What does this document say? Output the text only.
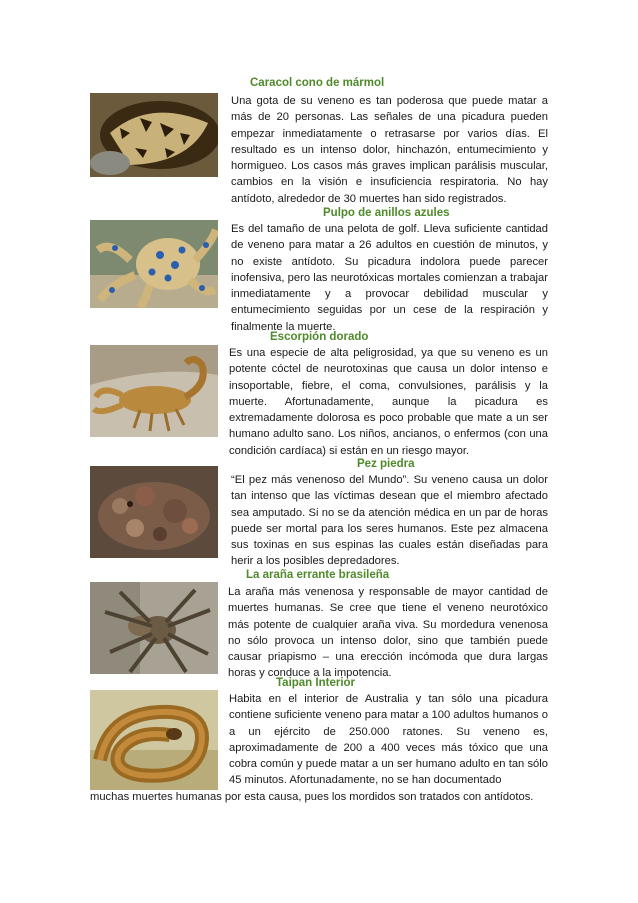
Caracol cono de mármol
Una gota de su veneno es tan poderosa que puede matar a más de 20 personas. Las señales de una picadura pueden empezar inmediatamente o retrasarse por varios días. El resultado es un intenso dolor, hinchazón, entumecimiento y hormigueo. Los casos más graves implican parálisis muscular, cambios en la visión e insuficiencia respiratoria. No hay antídoto, alrededor de 30 muertes han sido registrados.
Pulpo de anillos azules
Es del tamaño de una pelota de golf. Lleva suficiente cantidad de veneno para matar a 26 adultos en cuestión de minutos, y no existe antídoto. Su picadura indolora puede parecer inofensiva, pero las neurotóxicas mortales comienzan a trabajar inmediatamente y a provocar debilidad muscular y entumecimiento seguidas por un cese de la respiración y finalmente la muerte.
Escorpión dorado
Es una especie de alta peligrosidad, ya que su veneno es un potente cóctel de neurotoxinas que causa un dolor intenso e insoportable, fiebre, el coma, convulsiones, parálisis y la muerte. Afortunadamente, aunque la picadura es extremadamente dolorosa es poco probable que mate a un ser humano adulto sano. Los niños, ancianos, o enfermos (con una condición cardíaca) si están en un riesgo mayor.
Pez piedra
“El pez más venenoso del Mundo”. Su veneno causa un dolor tan intenso que las víctimas desean que el miembro afectado sea amputado. Si no se da atención médica en un par de horas puede ser mortal para los seres humanos. Este pez almacena sus toxinas en sus espinas las cuales están diseñadas para herir a los posibles depredadores.
La araña errante brasileña
La araña más venenosa y responsable de mayor cantidad de muertes humanas. Se cree que tiene el veneno neurotóxico más potente de cualquier araña viva. Su mordedura venenosa no sólo provoca un intenso dolor, sino que también puede causar priapismo – una erección incómoda que dura largas horas y conduce a la impotencia.
Taipan Interior
Habita en el interior de Australia y tan sólo una picadura contiene suficiente veneno para matar a 100 adultos humanos o a un ejército de 250.000 ratones. Su veneno es, aproximadamente de 200 a 400 veces más tóxico que una cobra común y puede matar a un ser humano adulto en tan sólo 45 minutos. Afortunadamente, no se han documentado
muchas muertes humanas por esta causa, pues los mordidos son tratados con antídotos.
